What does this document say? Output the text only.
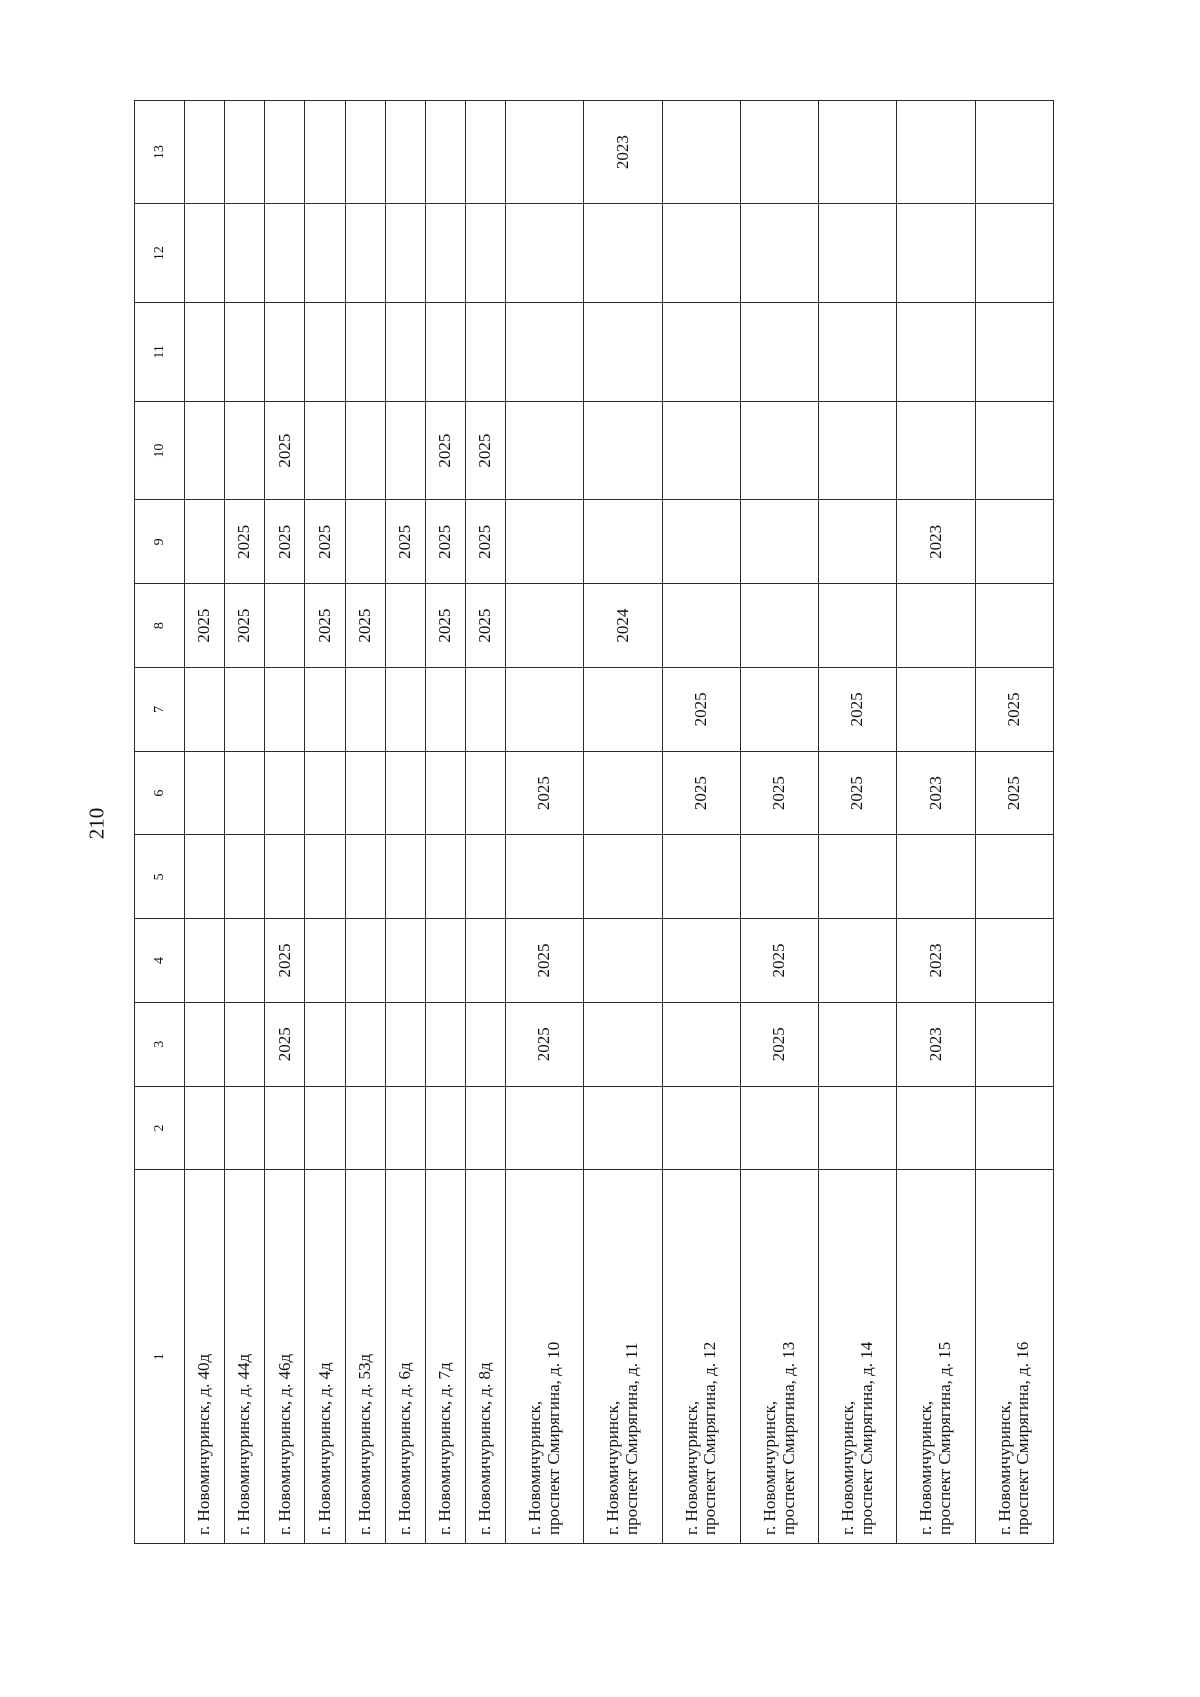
210
1	2	3	4	5	6	7	8	9	10	11	12	13

г. Новомичуринск, д. 40д							2025					

г. Новомичуринск, д. 44д							2025	2025				

г. Новомичуринск, д. 46д		2025	2025					2025	2025			

г. Новомичуринск, д. 4д							2025	2025				

г. Новомичуринск, д. 53д							2025					

г. Новомичуринск, д. 6д								2025				

г. Новомичуринск, д. 7д							2025	2025	2025			

г. Новомичуринск, д. 8д							2025	2025	2025			

г. Новомичуринск, проспект Смирягина, д. 10		2025	2025		2025							

г. Новомичуринск, проспект Смирягина, д. 11							2024					2023

г. Новомичуринск, проспект Смирягина, д. 12					2025	2025						

г. Новомичуринск, проспект Смирягина, д. 13		2025	2025		2025							

г. Новомичуринск, проспект Смирягина, д. 14					2025	2025						

г. Новомичуринск, проспект Смирягина, д. 15		2023	2023		2023			2023				

г. Новомичуринск, проспект Смирягина, д. 16					2025	2025						
